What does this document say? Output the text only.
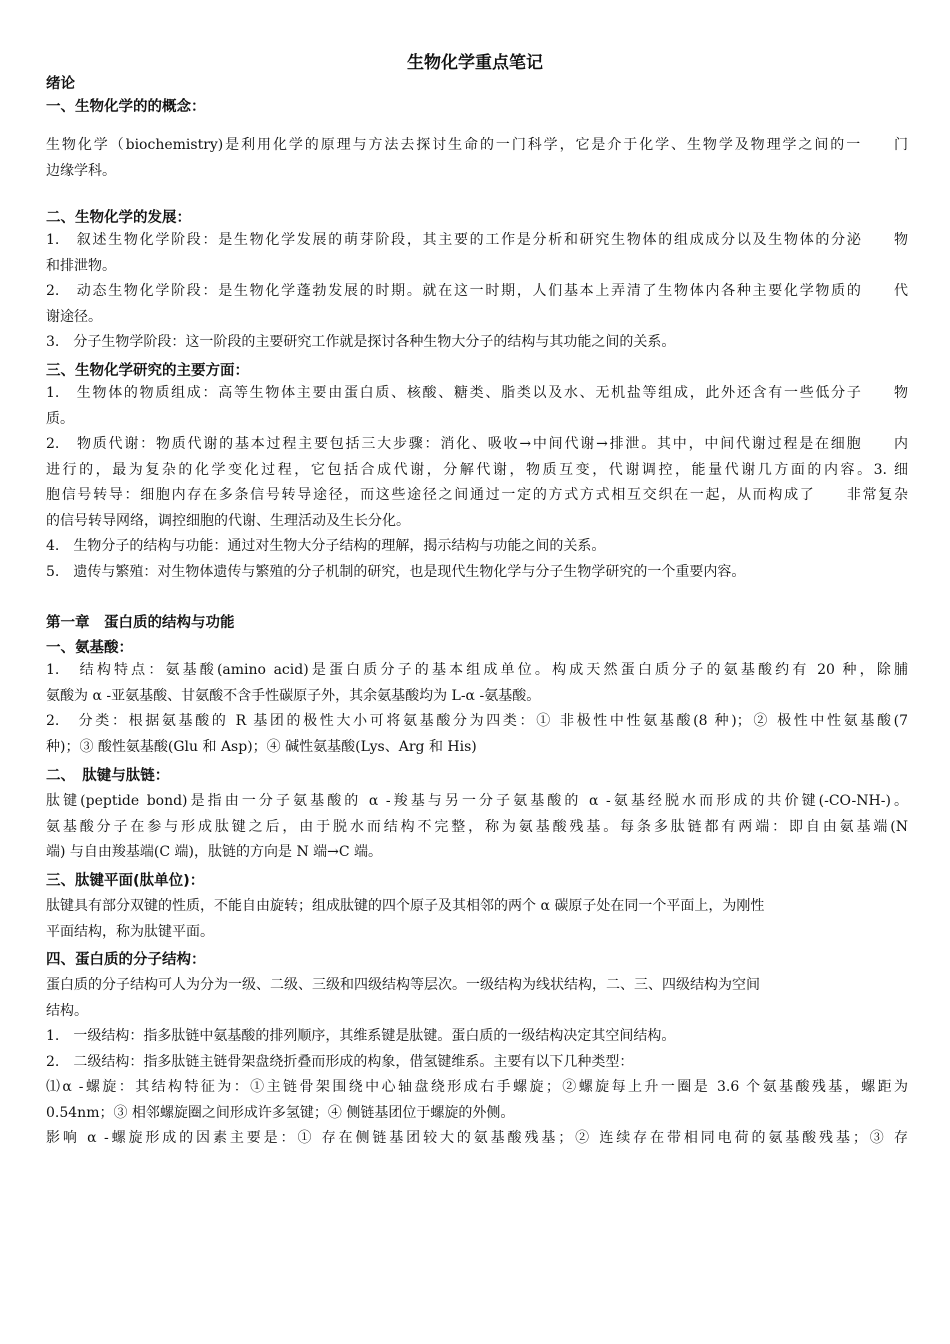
生物化学重点笔记
绪论
一、生物化学的的概念：
生物化学（biochemistry)是利用化学的原理与方法去探讨生命的一门科学，它是介于化学、生物学及物理学之间的一　　门
边缘学科。
二、生物化学的发展：
1.　叙述生物化学阶段：是生物化学发展的萌芽阶段，其主要的工作是分析和研究生物体的组成成分以及生物体的分泌　　物
和排泄物。
2.　动态生物化学阶段：是生物化学蓬勃发展的时期。就在这一时期，人们基本上弄清了生物体内各种主要化学物质的　　代
谢途径。
3.　分子生物学阶段：这一阶段的主要研究工作就是探讨各种生物大分子的结构与其功能之间的关系。
三、生物化学研究的主要方面：
1.　生物体的物质组成：高等生物体主要由蛋白质、核酸、糖类、脂类以及水、无机盐等组成，此外还含有一些低分子　　物
质。
2.　物质代谢：物质代谢的基本过程主要包括三大步骤：消化、吸收→中间代谢→排泄。其中，中间代谢过程是在细胞　　内
进行的，最为复杂的化学变化过程，它包括合成代谢，分解代谢，物质互变，代谢调控，能量代谢几方面的内容。3. 细
胞信号转导：细胞内存在多条信号转导途径，而这些途径之间通过一定的方式方式相互交织在一起，从而构成了　　非常复杂
的信号转导网络，调控细胞的代谢、生理活动及生长分化。
4.　生物分子的结构与功能：通过对生物大分子结构的理解，揭示结构与功能之间的关系。
5.　遗传与繁殖：对生物体遗传与繁殖的分子机制的研究，也是现代生物化学与分子生物学研究的一个重要内容。
第一章　蛋白质的结构与功能
一、氨基酸：
1.　结构特点：氨基酸(amino acid)是蛋白质分子的基本组成单位。构成天然蛋白质分子的氨基酸约有 20 种，除脯
氨酸为 α -亚氨基酸、甘氨酸不含手性碳原子外，其余氨基酸均为 L-α -氨基酸。
2.　分类：根据氨基酸的 R 基团的极性大小可将氨基酸分为四类：① 非极性中性氨基酸(8 种)；② 极性中性氨基酸(7
种)；③ 酸性氨基酸(Glu 和 Asp)；④ 碱性氨基酸(Lys、Arg 和 His)
二、　肽键与肽链：
肽键(peptide bond)是指由一分子氨基酸的 α -羧基与另一分子氨基酸的 α -氨基经脱水而形成的共价键(-CO-NH-)。
氨基酸分子在参与形成肽键之后，由于脱水而结构不完整，称为氨基酸残基。每条多肽链都有两端：即自由氨基端(N
端) 与自由羧基端(C 端)，肽链的方向是 N 端→C 端。
三、肽键平面(肽单位)：
肽键具有部分双键的性质，不能自由旋转；组成肽键的四个原子及其相邻的两个 α 碳原子处在同一个平面上，为刚性
平面结构，称为肽键平面。
四、蛋白质的分子结构：
蛋白质的分子结构可人为分为一级、二级、三级和四级结构等层次。一级结构为线状结构，二、三、四级结构为空间
结构。
1.　一级结构：指多肽链中氨基酸的排列顺序，其维系键是肽键。蛋白质的一级结构决定其空间结构。
2.　二级结构：指多肽链主链骨架盘绕折叠而形成的构象，借氢键维系。主要有以下几种类型：
⑴α -螺旋：其结构特征为：①主链骨架围绕中心轴盘绕形成右手螺旋；②螺旋每上升一圈是 3.6 个氨基酸残基，螺距为
0.54nm；③ 相邻螺旋圈之间形成许多氢键；④ 侧链基团位于螺旋的外侧。
影响 α -螺旋形成的因素主要是：① 存在侧链基团较大的氨基酸残基；② 连续存在带相同电荷的氨基酸残基；③ 存
